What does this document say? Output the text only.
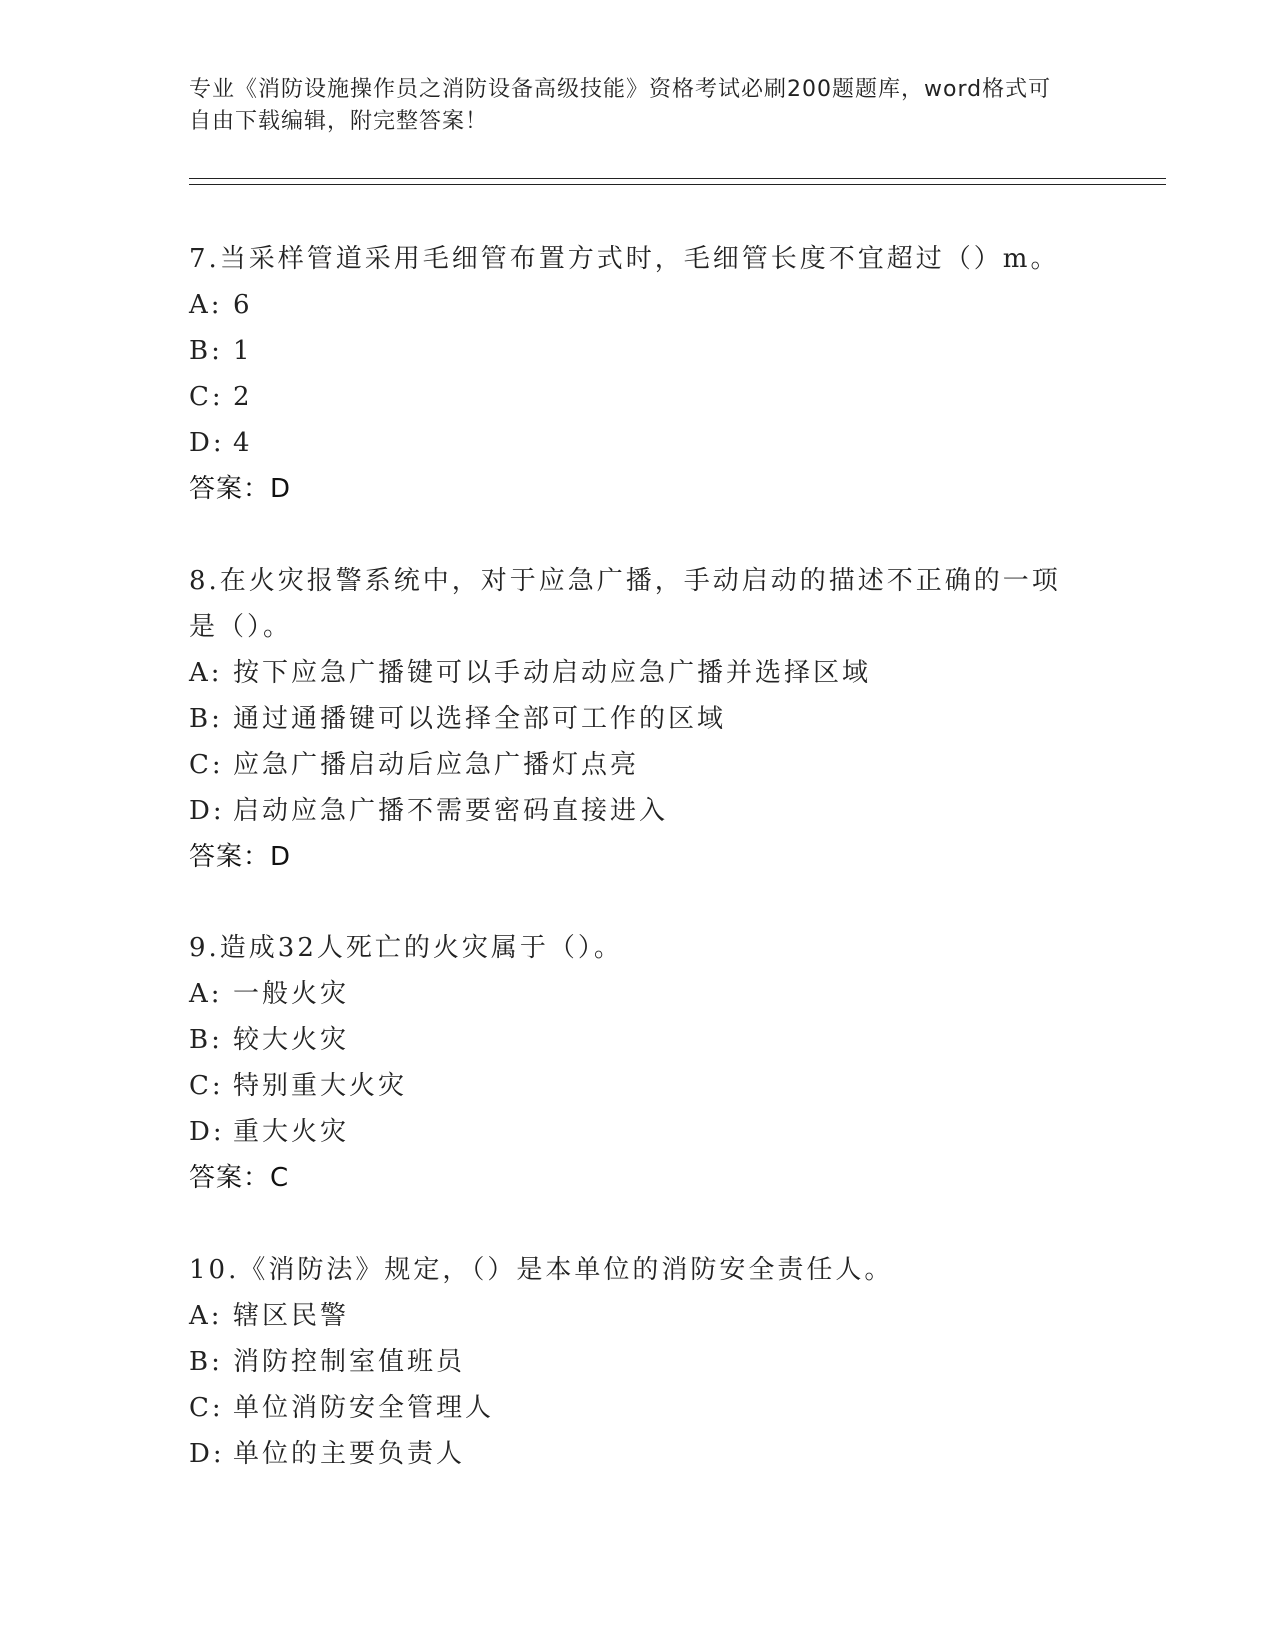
专业《消防设施操作员之消防设备高级技能》资格考试必刷200题题库，word格式可自由下载编辑，附完整答案！

7.当采样管道采用毛细管布置方式时，毛细管长度不宜超过（）m。

A: 6
B: 1
C: 2
D: 4
答案：D

8.在火灾报警系统中，对于应急广播，手动启动的描述不正确的一项是（）。

A: 按下应急广播键可以手动启动应急广播并选择区域
B: 通过通播键可以选择全部可工作的区域
C: 应急广播启动后应急广播灯点亮
D: 启动应急广播不需要密码直接进入
答案：D

9.造成32人死亡的火灾属于（）。

A: 一般火灾
B: 较大火灾
C: 特别重大火灾
D: 重大火灾
答案：C

10.《消防法》规定，（）是本单位的消防安全责任人。

A: 辖区民警
B: 消防控制室值班员
C: 单位消防安全管理人
D: 单位的主要负责人
